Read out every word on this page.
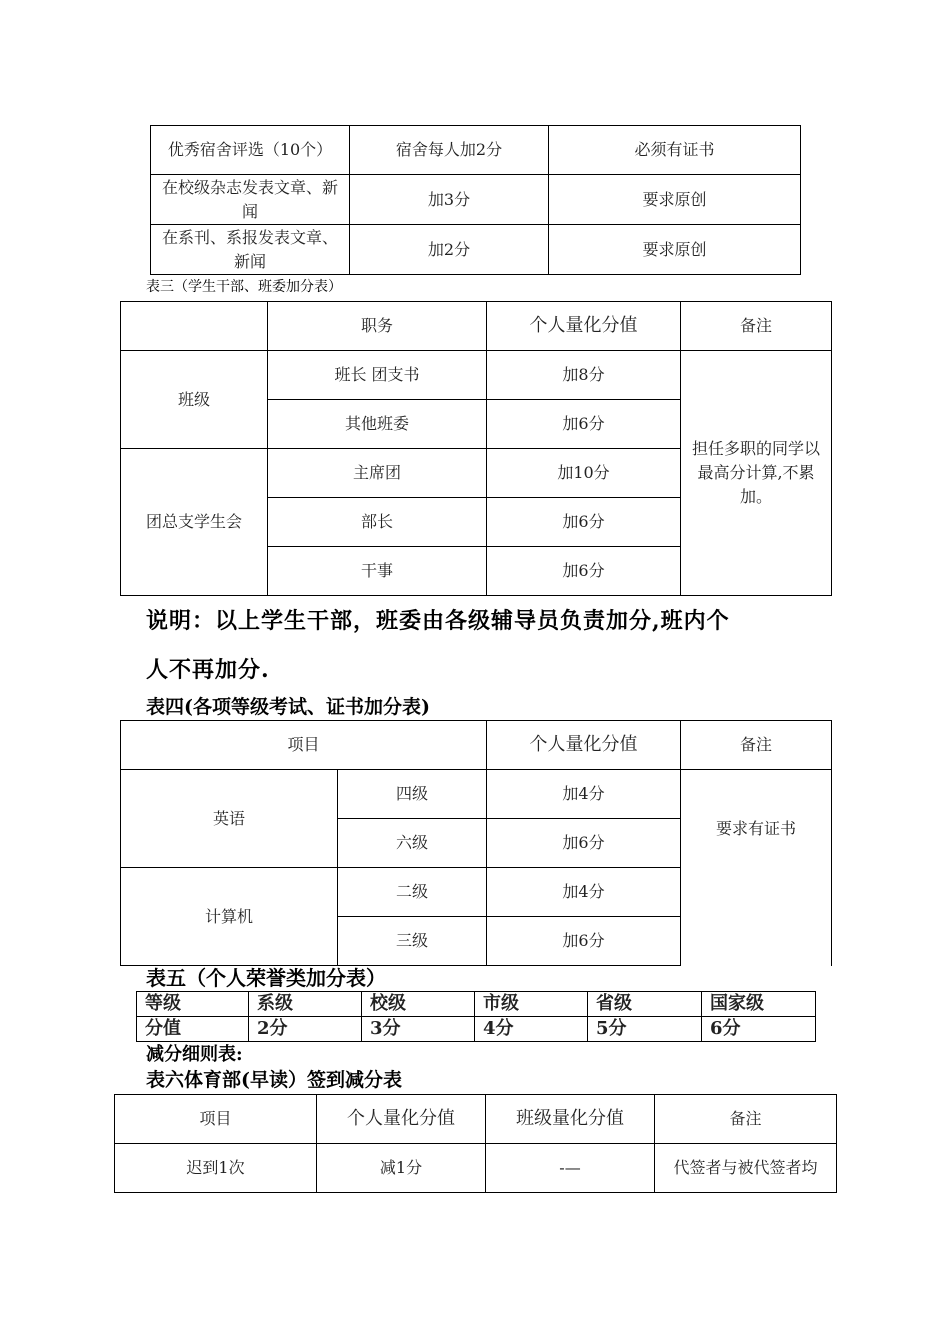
优秀宿舍评选（10个）	宿舍每人加2分	必须有证书
在校级杂志发表文章、新闻	加3分	要求原创
在系刊、系报发表文章、新闻	加2分	要求原创
表三（学生干部、班委加分表）
	职务	个人量化分值	备注
班级	班长 团支书	加8分	担任多职的同学以最高分计算,不累加。
	其他班委	加6分	
团总支学生会	主席团	加10分	
	部长	加6分	
	干事	加6分	
说明：以上学生干部，班委由各级辅导员负责加分,班内个
人不再加分.
表四(各项等级考试、证书加分表)
项目		个人量化分值	备注
英语	四级	加4分	要求有证书
	六级	加6分	
计算机	二级	加4分	
	三级	加6分	
表五（个人荣誉类加分表）
等级	系级	校级	市级	省级	国家级
分值	2分	3分	4分	5分	6分
减分细则表:
表六体育部(早读）签到减分表
项目	个人量化分值	班级量化分值	备注
迟到1次	减1分	-—	代签者与被代签者均
